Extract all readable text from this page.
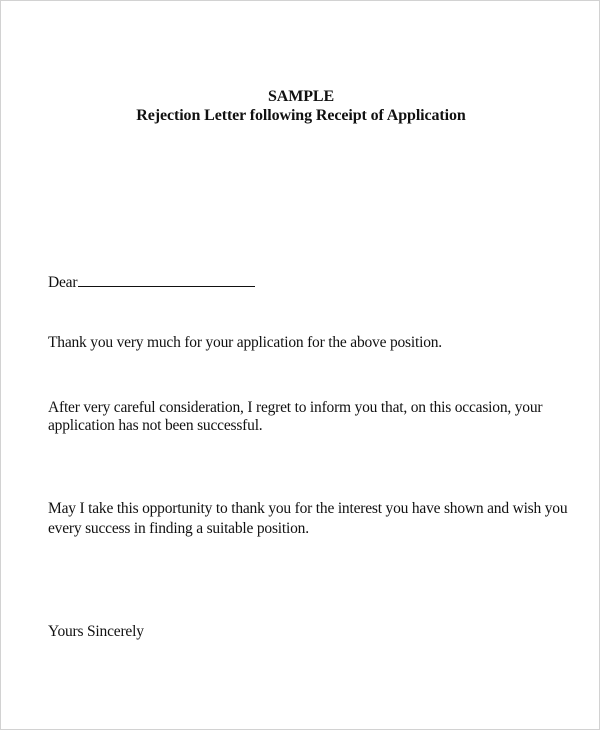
SAMPLE
Rejection Letter following Receipt of Application
Dear
Thank you very much for your application for the above position.
After very careful consideration, I regret to inform you that, on this occasion, your
application has not been successful.
May I take this opportunity to thank you for the interest you have shown and wish you
every success in finding a suitable position.
Yours Sincerely
